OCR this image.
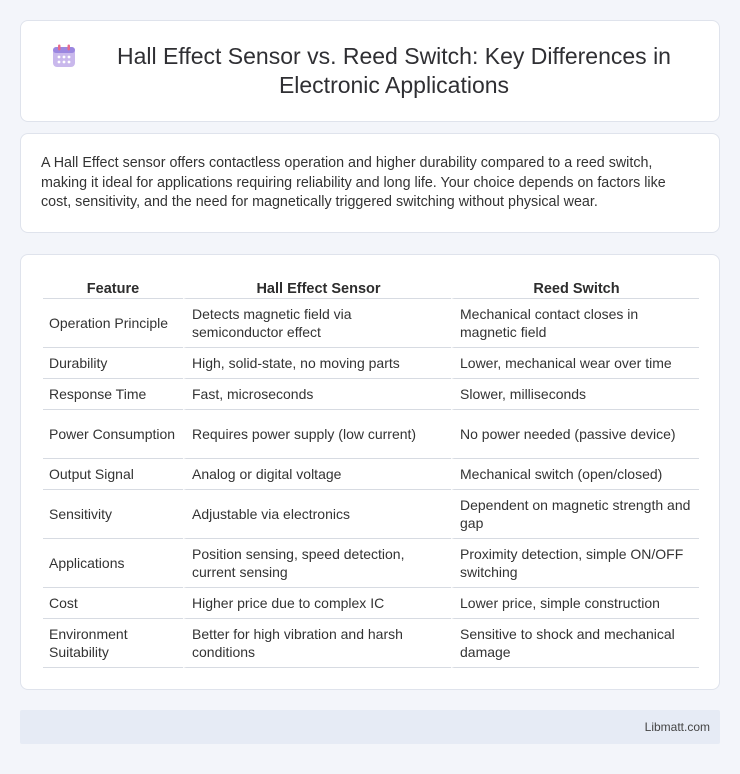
Hall Effect Sensor vs. Reed Switch: Key Differences in Electronic Applications

A Hall Effect sensor offers contactless operation and higher durability compared to a reed switch, making it ideal for applications requiring reliability and long life. Your choice depends on factors like cost, sensitivity, and the need for magnetically triggered switching without physical wear.

Feature	Hall Effect Sensor	Reed Switch
Operation Principle	Detects magnetic field via semiconductor effect	Mechanical contact closes in magnetic field
Durability	High, solid-state, no moving parts	Lower, mechanical wear over time
Response Time	Fast, microseconds	Slower, milliseconds
Power Consumption	Requires power supply (low current)	No power needed (passive device)
Output Signal	Analog or digital voltage	Mechanical switch (open/closed)
Sensitivity	Adjustable via electronics	Dependent on magnetic strength and gap
Applications	Position sensing, speed detection, current sensing	Proximity detection, simple ON/OFF switching
Cost	Higher price due to complex IC	Lower price, simple construction
Environment Suitability	Better for high vibration and harsh conditions	Sensitive to shock and mechanical damage
Libmatt.com
